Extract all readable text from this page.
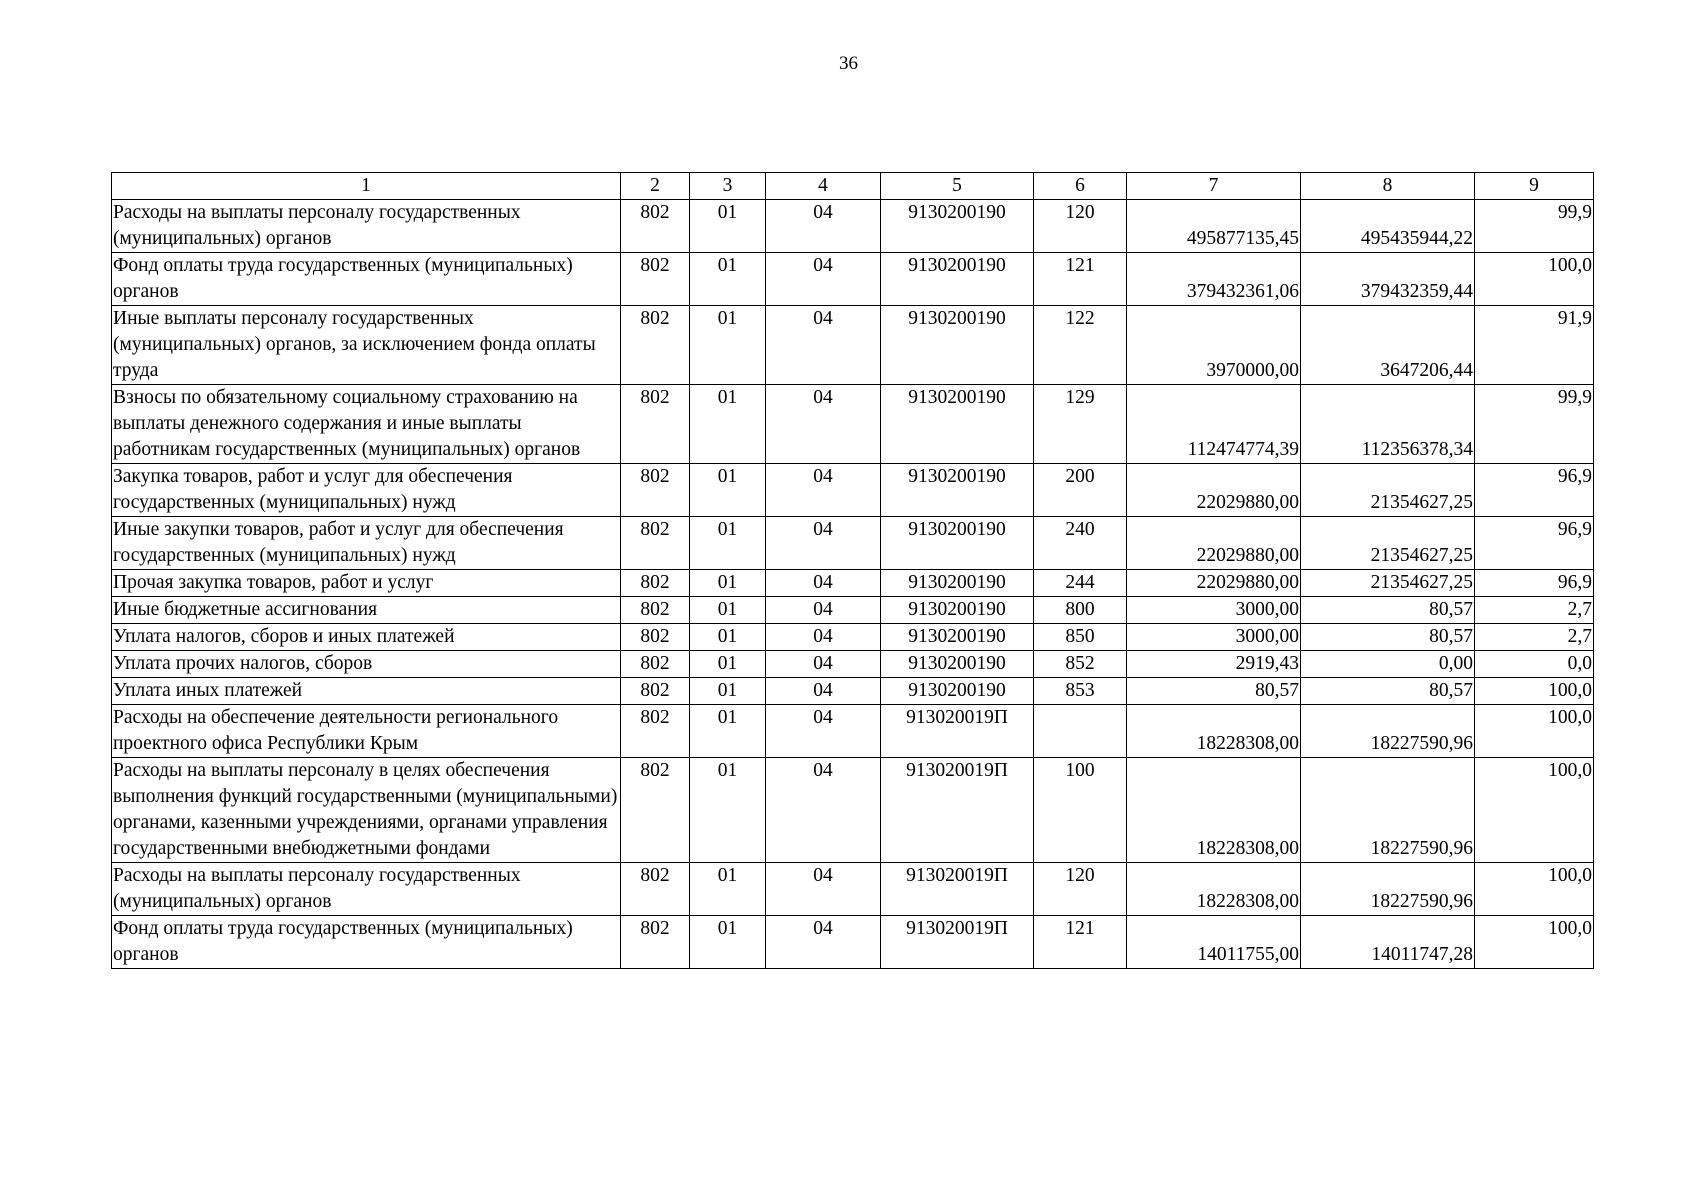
36
1	2	3	4	5	6	7	8	9
Расходы на выплаты персоналу государственных (муниципальных) органов	802	01	04	9130200190	120	495877135,45	495435944,22	99,9
Фонд оплаты труда государственных (муниципальных) органов	802	01	04	9130200190	121	379432361,06	379432359,44	100,0
Иные выплаты персоналу государственных (муниципальных) органов, за исключением фонда оплаты труда	802	01	04	9130200190	122	3970000,00	3647206,44	91,9
Взносы по обязательному социальному страхованию на выплаты денежного содержания и иные выплаты работникам государственных (муниципальных) органов	802	01	04	9130200190	129	112474774,39	112356378,34	99,9
Закупка товаров, работ и услуг для обеспечения государственных (муниципальных) нужд	802	01	04	9130200190	200	22029880,00	21354627,25	96,9
Иные закупки товаров, работ и услуг для обеспечения государственных (муниципальных) нужд	802	01	04	9130200190	240	22029880,00	21354627,25	96,9
Прочая закупка товаров, работ и услуг	802	01	04	9130200190	244	22029880,00	21354627,25	96,9
Иные бюджетные ассигнования	802	01	04	9130200190	800	3000,00	80,57	2,7
Уплата налогов, сборов и иных платежей	802	01	04	9130200190	850	3000,00	80,57	2,7
Уплата прочих налогов, сборов	802	01	04	9130200190	852	2919,43	0,00	0,0
Уплата иных платежей	802	01	04	9130200190	853	80,57	80,57	100,0
Расходы на обеспечение деятельности регионального проектного офиса Республики Крым	802	01	04	913020019П		18228308,00	18227590,96	100,0
Расходы на выплаты персоналу в целях обеспечения выполнения функций государственными (муниципальными) органами, казенными учреждениями, органами управления государственными внебюджетными фондами	802	01	04	913020019П	100	18228308,00	18227590,96	100,0
Расходы на выплаты персоналу государственных (муниципальных) органов	802	01	04	913020019П	120	18228308,00	18227590,96	100,0
Фонд оплаты труда государственных (муниципальных) органов	802	01	04	913020019П	121	14011755,00	14011747,28	100,0
